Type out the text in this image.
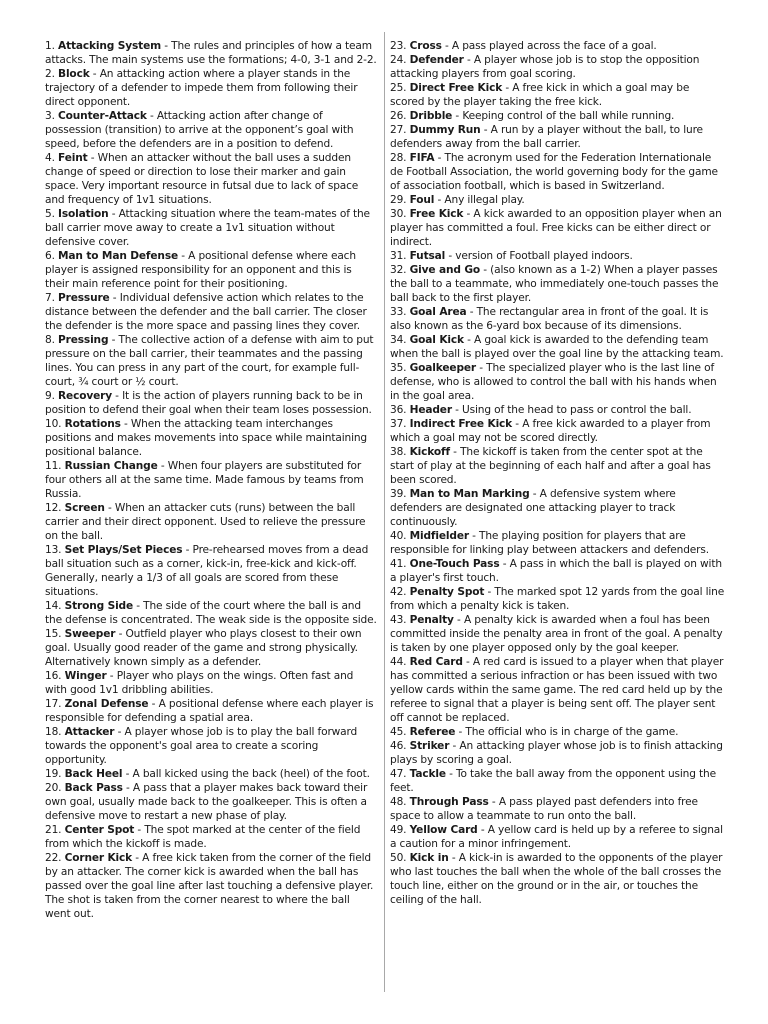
1. Attacking System - The rules and principles of how a team attacks. The main systems use the formations; 4-0, 3-1 and 2-2.

2. Block - An attacking action where a player stands in the trajectory of a defender to impede them from following their direct opponent.

3. Counter-Attack - Attacking action after change of possession (transition) to arrive at the opponent’s goal with speed, before the defenders are in a position to defend.

4. Feint - When an attacker without the ball uses a sudden change of speed or direction to lose their marker and gain space. Very important resource in futsal due to lack of space and frequency of 1v1 situations.

5. Isolation - Attacking situation where the team-mates of the ball carrier move away to create a 1v1 situation without defensive cover.

6. Man to Man Defense - A positional defense where each player is assigned responsibility for an opponent and this is their main reference point for their positioning.

7. Pressure - Individual defensive action which relates to the distance between the defender and the ball carrier. The closer the defender is the more space and passing lines they cover.

8. Pressing - The collective action of a defense with aim to put pressure on the ball carrier, their teammates and the passing lines. You can press in any part of the court, for example full-court, ¾ court or ½ court.

9. Recovery - It is the action of players running back to be in position to defend their goal when their team loses possession.

10. Rotations - When the attacking team interchanges positions and makes movements into space while maintaining positional balance.

11. Russian Change - When four players are substituted for four others all at the same time. Made famous by teams from Russia.

12. Screen - When an attacker cuts (runs) between the ball carrier and their direct opponent. Used to relieve the pressure on the ball.

13. Set Plays/Set Pieces - Pre-rehearsed moves from a dead ball situation such as a corner, kick-in, free-kick and kick-off. Generally, nearly a 1/3 of all goals are scored from these situations.

14. Strong Side - The side of the court where the ball is and the defense is concentrated. The weak side is the opposite side.

15. Sweeper - Outfield player who plays closest to their own goal. Usually good reader of the game and strong physically. Alternatively known simply as a defender.

16. Winger - Player who plays on the wings. Often fast and with good 1v1 dribbling abilities.

17. Zonal Defense - A positional defense where each player is responsible for defending a spatial area.

18. Attacker - A player whose job is to play the ball forward towards the opponent's goal area to create a scoring opportunity.

19. Back Heel - A ball kicked using the back (heel) of the foot.

20. Back Pass - A pass that a player makes back toward their own goal, usually made back to the goalkeeper. This is often a defensive move to restart a new phase of play.

21. Center Spot - The spot marked at the center of the field from which the kickoff is made.

22. Corner Kick - A free kick taken from the corner of the field by an attacker. The corner kick is awarded when the ball has passed over the goal line after last touching a defensive player. The shot is taken from the corner nearest to where the ball went out.

23. Cross - A pass played across the face of a goal.

24. Defender - A player whose job is to stop the opposition attacking players from goal scoring.

25. Direct Free Kick - A free kick in which a goal may be scored by the player taking the free kick.

26. Dribble - Keeping control of the ball while running.

27. Dummy Run - A run by a player without the ball, to lure defenders away from the ball carrier.

28. FIFA - The acronym used for the Federation Internationale de Football Association, the world governing body for the game of association football, which is based in Switzerland.

29. Foul - Any illegal play.

30. Free Kick - A kick awarded to an opposition player when an player has committed a foul. Free kicks can be either direct or indirect.

31. Futsal - version of Football played indoors.

32. Give and Go - (also known as a 1-2) When a player passes the ball to a teammate, who immediately one-touch passes the ball back to the first player.

33. Goal Area - The rectangular area in front of the goal. It is also known as the 6-yard box because of its dimensions.

34. Goal Kick - A goal kick is awarded to the defending team when the ball is played over the goal line by the attacking team.

35. Goalkeeper - The specialized player who is the last line of defense, who is allowed to control the ball with his hands when in the goal area.

36. Header - Using of the head to pass or control the ball.

37. Indirect Free Kick - A free kick awarded to a player from which a goal may not be scored directly.

38. Kickoff - The kickoff is taken from the center spot at the start of play at the beginning of each half and after a goal has been scored.

39. Man to Man Marking - A defensive system where defenders are designated one attacking player to track continuously.

40. Midfielder - The playing position for players that are responsible for linking play between attackers and defenders.

41. One-Touch Pass - A pass in which the ball is played on with a player's first touch.

42. Penalty Spot - The marked spot 12 yards from the goal line from which a penalty kick is taken.

43. Penalty - A penalty kick is awarded when a foul has been committed inside the penalty area in front of the goal. A penalty is taken by one player opposed only by the goal keeper.

44. Red Card - A red card is issued to a player when that player has committed a serious infraction or has been issued with two yellow cards within the same game. The red card held up by the referee to signal that a player is being sent off. The player sent off cannot be replaced.

45. Referee - The official who is in charge of the game.

46. Striker - An attacking player whose job is to finish attacking plays by scoring a goal.

47. Tackle - To take the ball away from the opponent using the feet.

48. Through Pass - A pass played past defenders into free space to allow a teammate to run onto the ball.

49. Yellow Card - A yellow card is held up by a referee to signal a caution for a minor infringement.

50. Kick in - A kick-in is awarded to the opponents of the player who last touches the ball when the whole of the ball crosses the touch line, either on the ground or in the air, or touches the ceiling of the hall.
